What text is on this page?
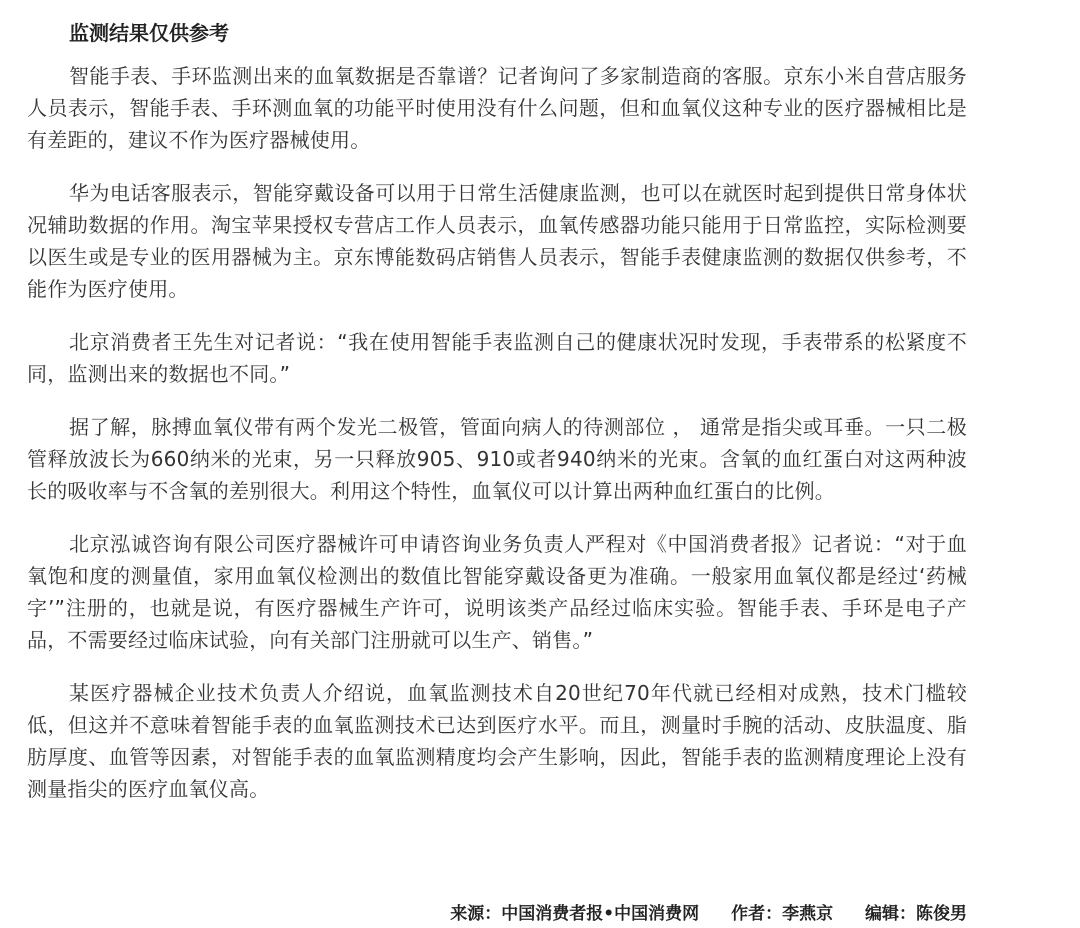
监测结果仅供参考

智能手表、手环监测出来的血氧数据是否靠谱？记者询问了多家制造商的客服。京东小米自营店服务人员表示，智能手表、手环测血氧的功能平时使用没有什么问题，但和血氧仪这种专业的医疗器械相比是有差距的，建议不作为医疗器械使用。

华为电话客服表示，智能穿戴设备可以用于日常生活健康监测，也可以在就医时起到提供日常身体状况辅助数据的作用。淘宝苹果授权专营店工作人员表示，血氧传感器功能只能用于日常监控，实际检测要以医生或是专业的医用器械为主。京东博能数码店销售人员表示，智能手表健康监测的数据仅供参考，不能作为医疗使用。

北京消费者王先生对记者说：“我在使用智能手表监测自己的健康状况时发现，手表带系的松紧度不同，监测出来的数据也不同。”

据了解，脉搏血氧仪带有两个发光二极管，管面向病人的待测部位 ， 通常是指尖或耳垂。一只二极管释放波长为660纳米的光束，另一只释放905、910或者940纳米的光束。含氧的血红蛋白对这两种波长的吸收率与不含氧的差别很大。利用这个特性，血氧仪可以计算出两种血红蛋白的比例。

北京泓诚咨询有限公司医疗器械许可申请咨询业务负责人严程对《中国消费者报》记者说：“对于血氧饱和度的测量值，家用血氧仪检测出的数值比智能穿戴设备更为准确。一般家用血氧仪都是经过‘药械字’”注册的，也就是说，有医疗器械生产许可，说明该类产品经过临床实验。智能手表、手环是电子产品，不需要经过临床试验，向有关部门注册就可以生产、销售。”

某医疗器械企业技术负责人介绍说，血氧监测技术自20世纪70年代就已经相对成熟，技术门槛较低，但这并不意味着智能手表的血氧监测技术已达到医疗水平。而且，测量时手腕的活动、皮肤温度、脂肪厚度、血管等因素，对智能手表的血氧监测精度均会产生影响，因此，智能手表的监测精度理论上没有测量指尖的医疗血氧仪高。

来源：中国消费者报•中国消费网 作者：李燕京 编辑：陈俊男
